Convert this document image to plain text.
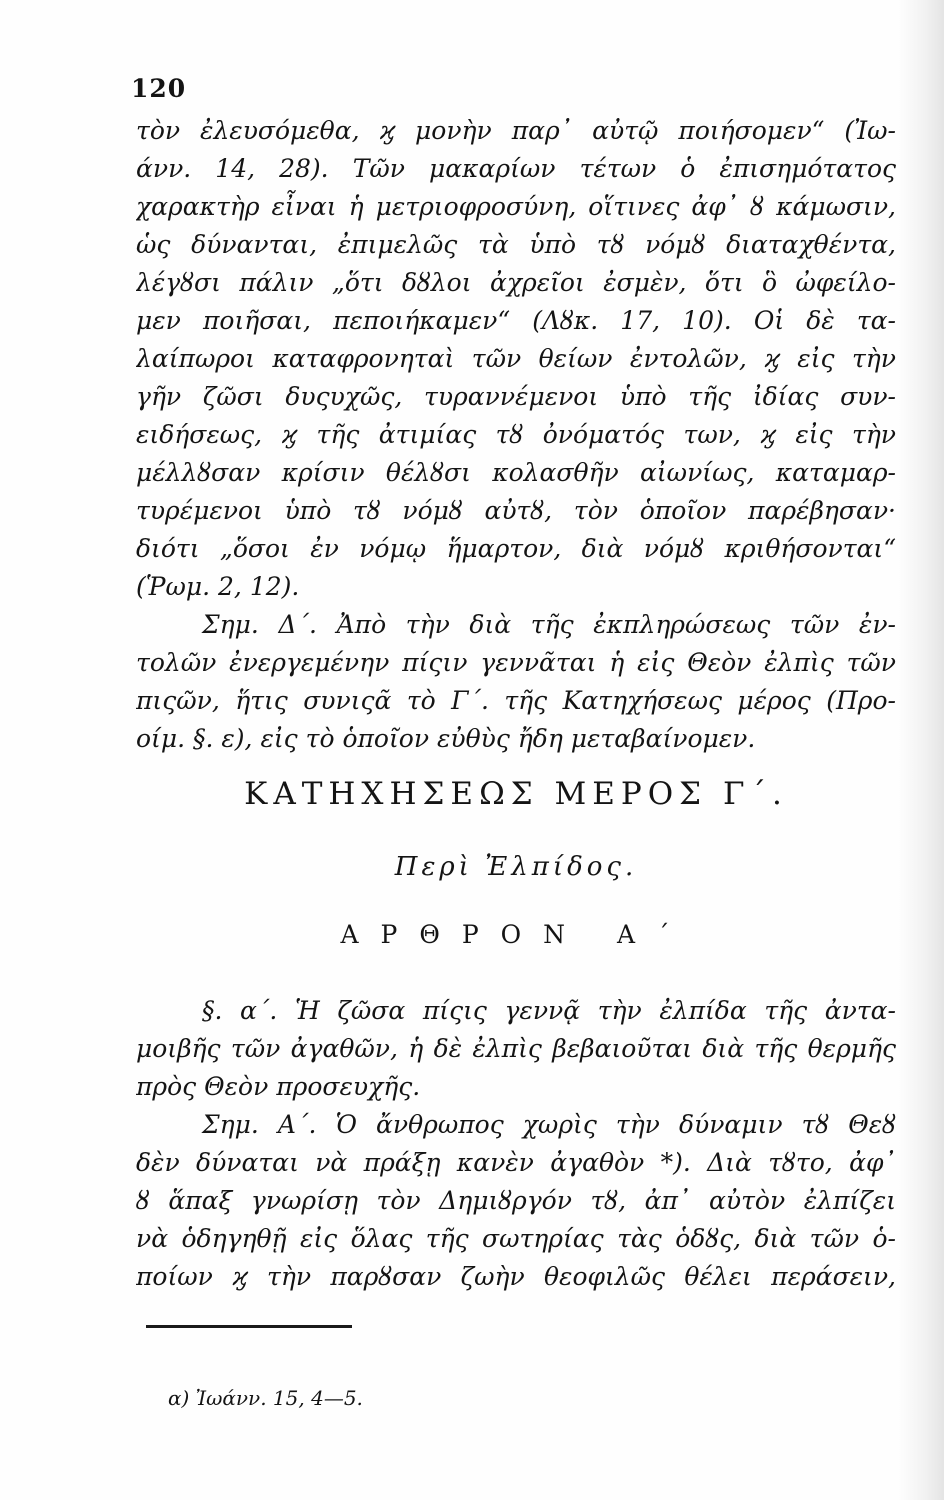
120
τὸν ἐλευσόμεθα, ϗ μονὴν παρ᾽ αὐτῷ ποιήσομεν“ (Ἰω-
άνν. 14, 28). Τῶν μακαρίων τέτων ὁ ἐπισημότατος
χαρακτὴρ εἶναι ἡ μετριοφροσύνη, οἵτινες ἀφ᾽ ȣ κάμωσιν,
ὡς δύνανται, ἐπιμελῶς τὰ ὑπὸ τȣ νόμȣ διαταχθέντα,
λέγȣσι πάλιν „ὅτι δȣλοι ἀχρεῖοι ἐσμὲν, ὅτι ὃ ὠφείλο-
μεν ποιῆσαι, πεποιήκαμεν“ (Λȣκ. 17, 10). Οἱ δὲ τα-
λαίπωροι καταφρονηταὶ τῶν θείων ἐντολῶν, ϗ εἰς τὴν
γῆν ζῶσι δυςυχῶς, τυραννέμενοι ὑπὸ τῆς ἰδίας συν-
ειδήσεως, ϗ τῆς ἀτιμίας τȣ ὀνόματός των, ϗ εἰς τὴν
μέλλȣσαν κρίσιν θέλȣσι κολασθῆν αἰωνίως, καταμαρ-
τυρέμενοι ὑπὸ τȣ νόμȣ αὐτȣ, τὸν ὁποῖον παρέβησαν·
διότι „ὅσοι ἐν νόμῳ ἥμαρτον, διὰ νόμȣ κριθήσονται“
(Ῥωμ. 2, 12).
Σημ. Δ΄. Ἀπὸ τὴν διὰ τῆς ἐκπληρώσεως τῶν ἐν-
τολῶν ἐνεργεμένην πίςιν γεννᾶται ἡ εἰς Θεὸν ἐλπὶς τῶν
πιςῶν, ἥτις συνιςᾶ τὸ Γ΄. τῆς Κατηχήσεως μέρος (Προ-
οίμ. §. ε), εἰς τὸ ὁποῖον εὐθὺς ἤδη μεταβαίνομεν.
ΚΑΤΗΧΗΣΕΩΣ ΜΕΡΟΣ Γ΄.
Περὶ Ἐλπίδος.
ΑΡΘΡΟΝ Α΄
§. α΄. Ἡ ζῶσα πίςις γεννᾷ τὴν ἐλπίδα τῆς ἀντα-
μοιβῆς τῶν ἀγαθῶν, ἡ δὲ ἐλπὶς βεβαιοῦται διὰ τῆς θερμῆς
πρὸς Θεὸν προσευχῆς.
Σημ. Α΄. Ὁ ἄνθρωπος χωρὶς τὴν δύναμιν τȣ Θεȣ
δὲν δύναται νὰ πράξῃ κανὲν ἀγαθὸν *). Διὰ τȣτο, ἀφ᾽
ȣ ἅπαξ γνωρίσῃ τὸν Δημιȣργόν τȣ, ἀπ᾽ αὐτὸν ἐλπίζει
νὰ ὁδηγηθῇ εἰς ὅλας τῆς σωτηρίας τὰς ὁδȣς, διὰ τῶν ὁ-
ποίων ϗ τὴν παρȣσαν ζωὴν θεοφιλῶς θέλει περάσειν,
α) Ἰωάνν. 15, 4—5.
